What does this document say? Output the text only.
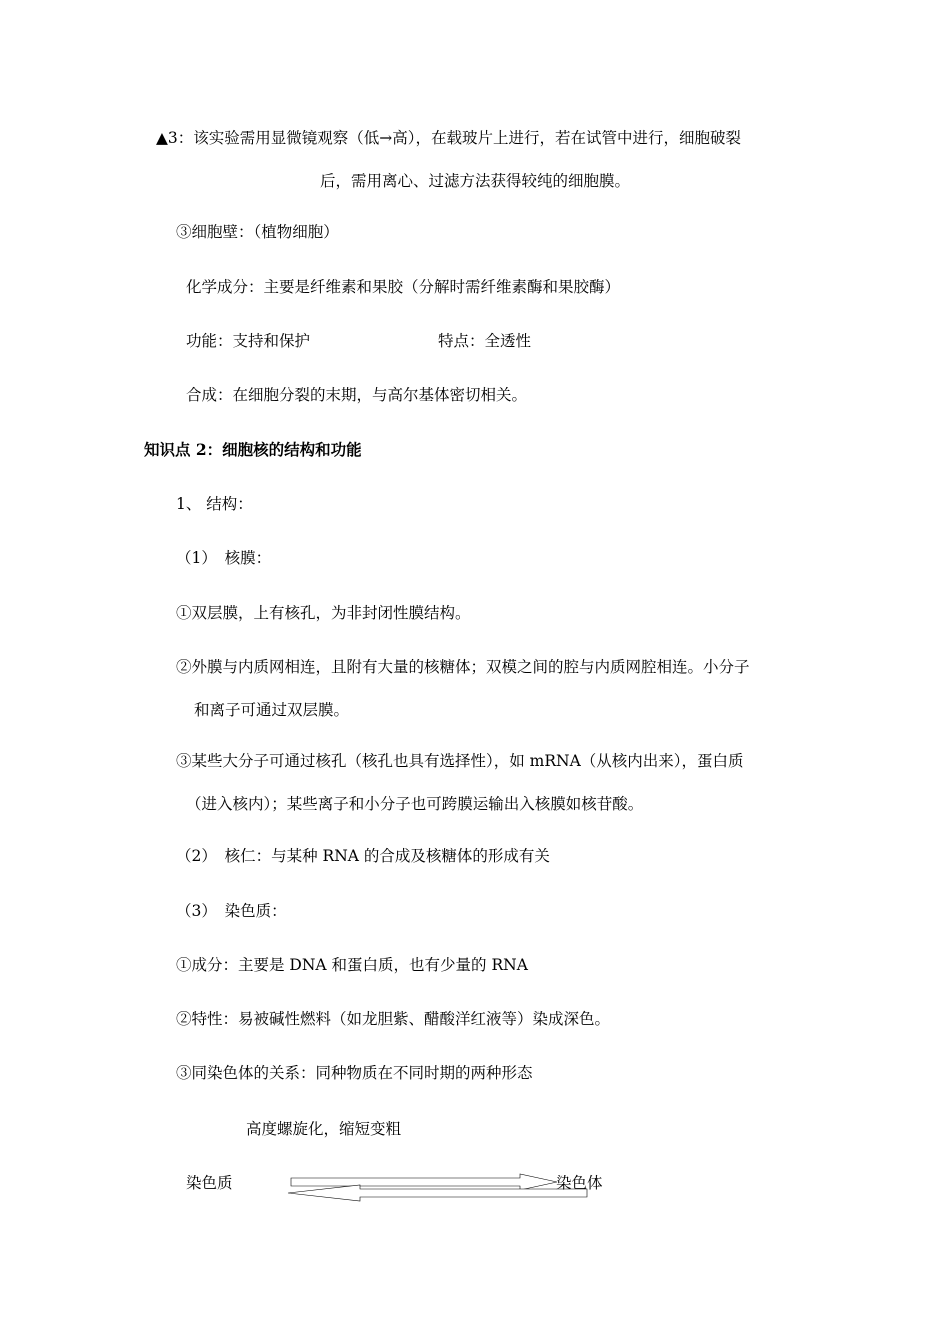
▲3：该实验需用显微镜观察（低→高），在载玻片上进行，若在试管中进行，细胞破裂
后，需用离心、过滤方法获得较纯的细胞膜。
③细胞壁：（植物细胞）
化学成分：主要是纤维素和果胶（分解时需纤维素酶和果胶酶）
功能：支持和保护	特点：全透性
合成：在细胞分裂的末期，与高尔基体密切相关。
知识点 2：细胞核的结构和功能
1、 结构：
（1）　核膜：
①双层膜，上有核孔，为非封闭性膜结构。
②外膜与内质网相连，且附有大量的核糖体；双模之间的腔与内质网腔相连。小分子
和离子可通过双层膜。
③某些大分子可通过核孔（核孔也具有选择性），如 mRNA（从核内出来），蛋白质
（进入核内）；某些离子和小分子也可跨膜运输出入核膜如核苷酸。
（2）　核仁：与某种 RNA 的合成及核糖体的形成有关
（3）　染色质：
①成分：主要是 DNA 和蛋白质，也有少量的 RNA
②特性：易被碱性燃料（如龙胆紫、醋酸洋红液等）染成深色。
③同染色体的关系：同种物质在不同时期的两种形态
高度螺旋化，缩短变粗
染色质	染色体
